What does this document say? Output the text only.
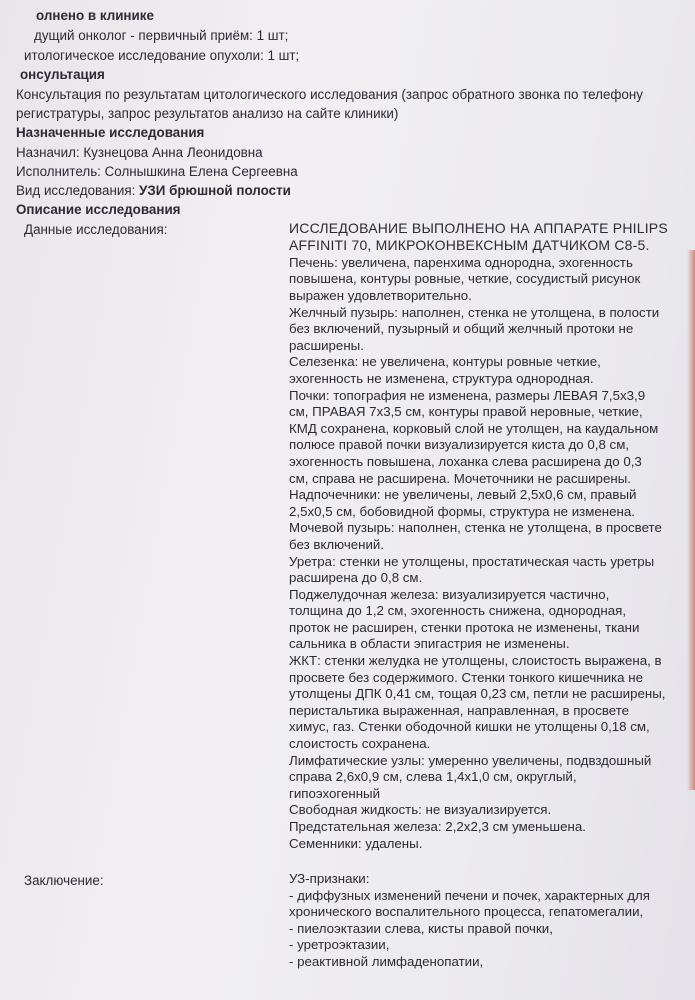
олнено в клинике
дущий онколог - первичный приём: 1 шт;
итологическое исследование опухоли: 1 шт;
онсультация
Консультация по результатам цитологического исследования (запрос обратного звонка по телефону
регистратуры, запрос результатов анализо на сайте клиники)
Назначенные исследования
Назначил: Кузнецова Анна Леонидовна
Исполнитель: Солнышкина Елена Сергеевна
Вид исследования: УЗИ брюшной полости
Описание исследования
Данные исследования:	ИССЛЕДОВАНИЕ ВЫПОЛНЕНО НА АППАРАТЕ PHILIPS
AFFINITI 70, МИКРОКОНВЕКСНЫМ ДАТЧИКОМ С8-5.
Печень: увеличена, паренхима однородна, эхогенность
повышена, контуры ровные, четкие, сосудистый рисунок
выражен удовлетворительно.
Желчный пузырь: наполнен, стенка не утолщена, в полости
без включений, пузырный и общий желчный протоки не
расширены.
Селезенка: не увеличена, контуры ровные четкие,
эхогенность не изменена, структура однородная.
Почки: топография не изменена, размеры ЛЕВАЯ 7,5х3,9
см, ПРАВАЯ 7х3,5 см, контуры правой неровные, четкие,
КМД сохранена, корковый слой не утолщен, на каудальном
полюсе правой почки визуализируется киста до 0,8 см,
эхогенность повышена, лоханка слева расширена до 0,3
см, справа не расширена. Мочеточники не расширены.
Надпочечники: не увеличены, левый 2,5х0,6 см, правый
2,5х0,5 см, бобовидной формы, структура не изменена.
Мочевой пузырь: наполнен, стенка не утолщена, в просвете
без включений.
Уретра: стенки не утолщены, простатическая часть уретры
расширена до 0,8 см.
Поджелудочная железа: визуализируется частично,
толщина до 1,2 см, эхогенность снижена, однородная,
проток не расширен, стенки протока не изменены, ткани
сальника в области эпигастрия не изменены.
ЖКТ: стенки желудка не утолщены, слоистость выражена, в
просвете без содержимого. Стенки тонкого кишечника не
утолщены ДПК 0,41 см, тощая 0,23 см, петли не расширены,
перистальтика выраженная, направленная, в просвете
химус, газ. Стенки ободочной кишки не утолщены 0,18 см,
слоистость сохранена.
Лимфатические узлы: умеренно увеличены, подвздошный
справа 2,6х0,9 см, слева 1,4х1,0 см, округлый,
гипоэхогенный
Свободная жидкость: не визуализируется.
Предстательная железа: 2,2х2,3 см уменьшена.
Семенники: удалены.
Заключение:	УЗ-признаки:
- диффузных изменений печени и почек, характерных для
хронического воспалительного процесса, гепатомегалии,
- пиелоэктазии слева, кисты правой почки,
- уретроэктазии,
- реактивной лимфаденопатии,
